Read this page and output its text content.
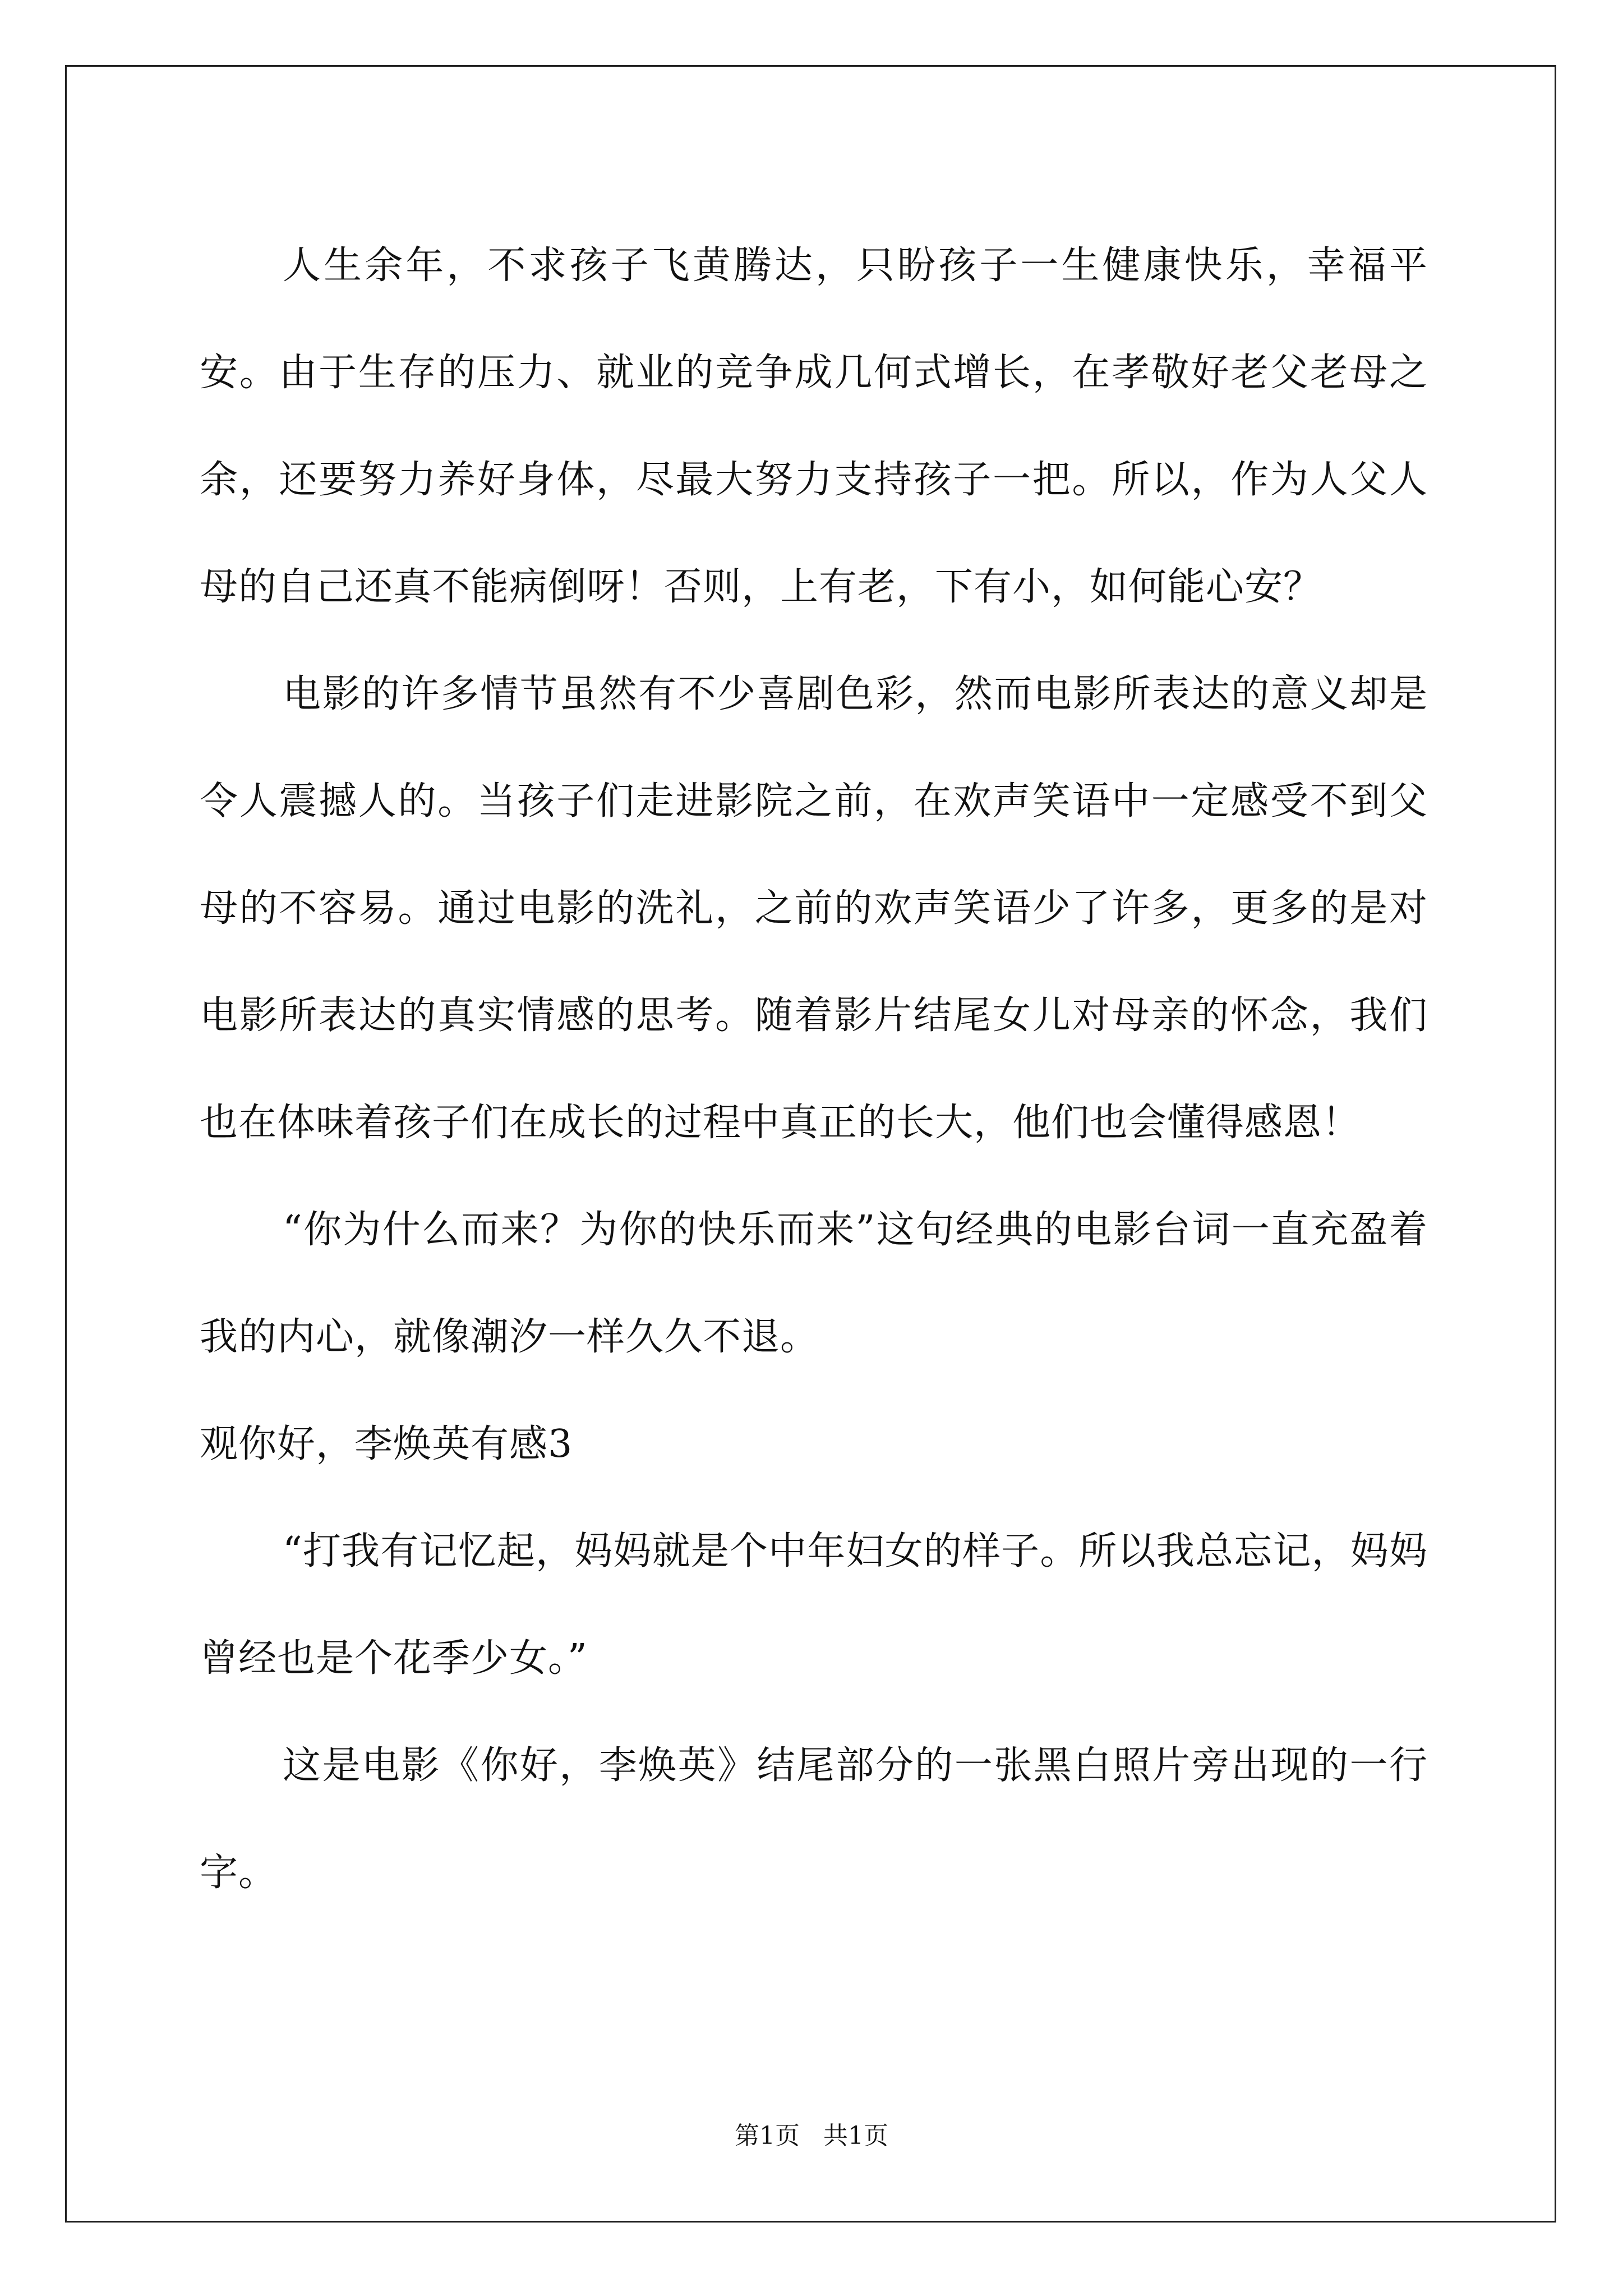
人生余年，不求孩子飞黄腾达，只盼孩子一生健康快乐，幸福平安。由于生存的压力、就业的竞争成几何式增长，在孝敬好老父老母之余，还要努力养好身体，尽最大努力支持孩子一把。所以，作为人父人母的自己还真不能病倒呀！否则，上有老，下有小，如何能心安？

电影的许多情节虽然有不少喜剧色彩，然而电影所表达的意义却是令人震撼人的。当孩子们走进影院之前，在欢声笑语中一定感受不到父母的不容易。通过电影的洗礼，之前的欢声笑语少了许多，更多的是对电影所表达的真实情感的思考。随着影片结尾女儿对母亲的怀念，我们也在体味着孩子们在成长的过程中真正的长大，他们也会懂得感恩！

“你为什么而来？为你的快乐而来”这句经典的电影台词一直充盈着我的内心，就像潮汐一样久久不退。

观你好，李焕英有感3

“打我有记忆起，妈妈就是个中年妇女的样子。所以我总忘记，妈妈曾经也是个花季少女。”

这是电影《你好，李焕英》结尾部分的一张黑白照片旁出现的一行字。

第1页   共1页
